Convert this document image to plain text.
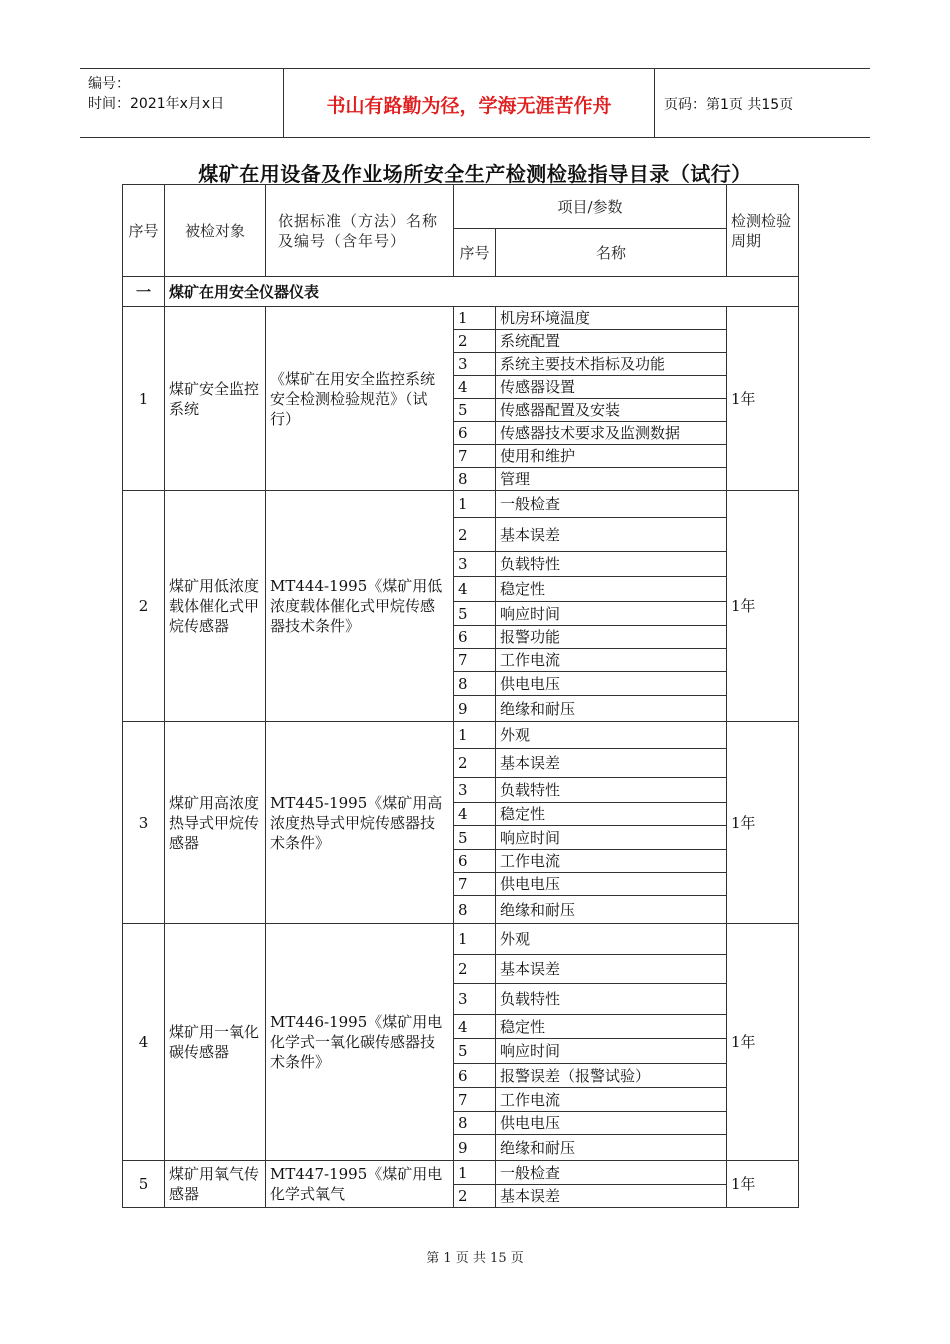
编号：
时间：2021年x月x日	书山有路勤为径，学海无涯苦作舟	页码：第1页 共15页
煤矿在用设备及作业场所安全生产检测检验指导目录（试行）
序号	被检对象	依据标准（方法）名称及编号（含年号）	项目/参数		检测检验周期
			序号	名称	
一	煤矿在用安全仪器仪表				
1	煤矿安全监控系统	《煤矿在用安全监控系统安全检测检验规范》（试行）	1	机房环境温度	1年
			2	系统配置	
			3	系统主要技术指标及功能	
			4	传感器设置	
			5	传感器配置及安装	
			6	传感器技术要求及监测数据	
			7	使用和维护	
			8	管理	
2	煤矿用低浓度载体催化式甲烷传感器	MT444-1995《煤矿用低浓度载体催化式甲烷传感器技术条件》	1	一般检查	1年
			2	基本误差	
			3	负载特性	
			4	稳定性	
			5	响应时间	
			6	报警功能	
			7	工作电流	
			8	供电电压	
			9	绝缘和耐压	
3	煤矿用高浓度热导式甲烷传感器	MT445-1995《煤矿用高浓度热导式甲烷传感器技术条件》	1	外观	1年
			2	基本误差	
			3	负载特性	
			4	稳定性	
			5	响应时间	
			6	工作电流	
			7	供电电压	
			8	绝缘和耐压	
4	煤矿用一氧化碳传感器	MT446-1995《煤矿用电化学式一氧化碳传感器技术条件》	1	外观	1年
			2	基本误差	
			3	负载特性	
			4	稳定性	
			5	响应时间	
			6	报警误差（报警试验）	
			7	工作电流	
			8	供电电压	
			9	绝缘和耐压	
5	煤矿用氧气传感器	MT447-1995《煤矿用电化学式氧气	1	一般检查	1年
			2	基本误差	
第 1 页 共 15 页
